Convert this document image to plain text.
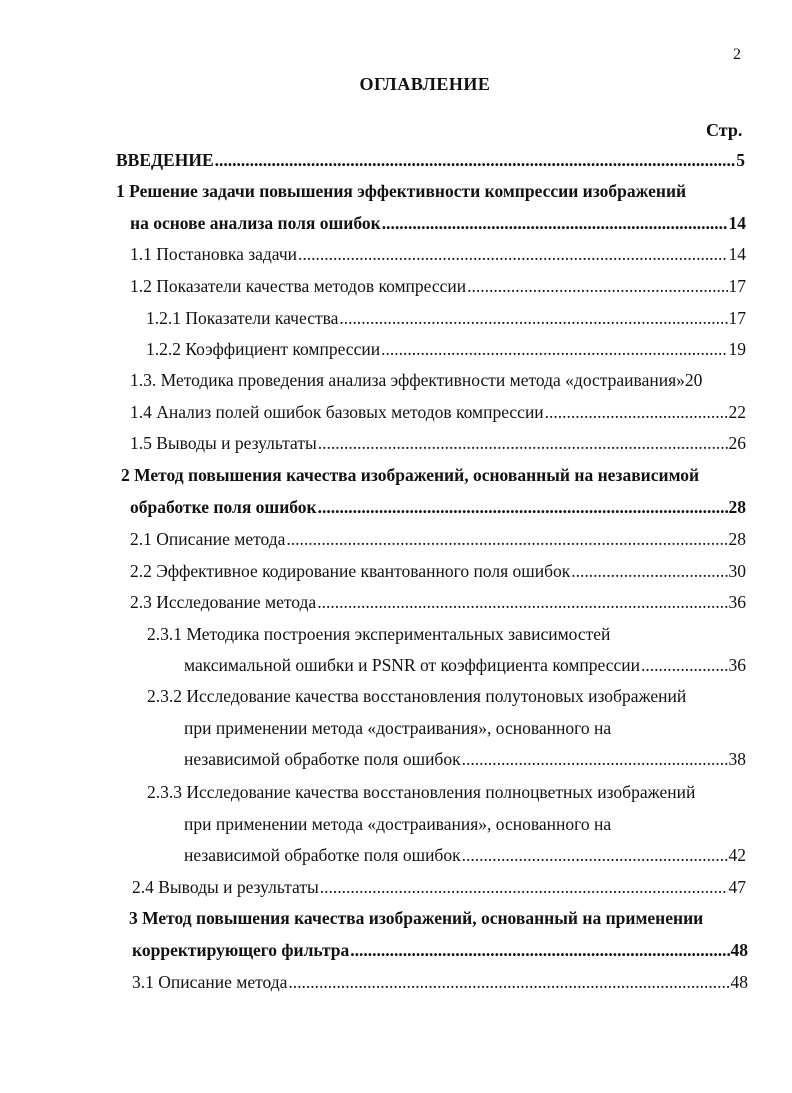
2
ОГЛАВЛЕНИЕ
Стр.
ВВЕДЕНИЕ .....	5
1 Решение задачи повышения эффективности компрессии изображений
на основе анализа поля ошибок .....	14
1.1 Постановка задачи .....	14
1.2 Показатели качества методов компрессии .....	17
1.2.1 Показатели качества .....	17
1.2.2 Коэффициент компрессии .....	19
1.3. Методика проведения анализа эффективности метода «достраивания» 20
1.4 Анализ полей ошибок базовых методов компрессии .....	22
1.5 Выводы и результаты .....	26
2 Метод повышения качества изображений, основанный на независимой
обработке поля ошибок .....	28
2.1 Описание метода .....	28
2.2 Эффективное кодирование квантованного поля ошибок .....	30
2.3 Исследование метода .....	36
2.3.1 Методика построения экспериментальных зависимостей
максимальной ошибки и PSNR от коэффициента компрессии .....	36
2.3.2 Исследование качества восстановления полутоновых изображений
при применении метода «достраивания», основанного на
независимой обработке поля ошибок .....	38
2.3.3 Исследование качества восстановления полноцветных изображений
при применении метода «достраивания», основанного на
независимой обработке поля ошибок .....	42
2.4 Выводы и результаты .....	47
3 Метод повышения качества изображений, основанный на применении
корректирующего фильтра .....	48
3.1 Описание метода .....	48
